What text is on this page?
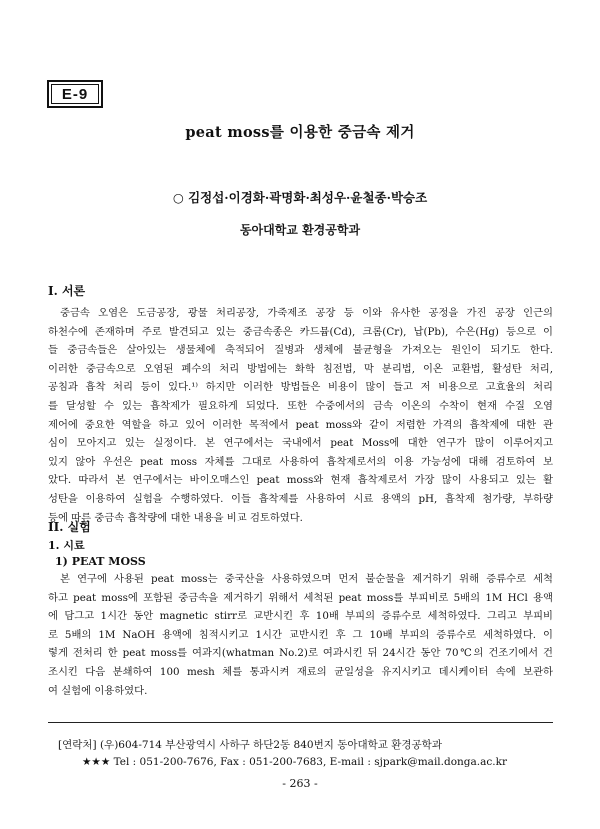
E-9
peat moss를 이용한 중금속 제거
○ 김정섭·이경화·곽명화·최성우·윤철종·박승조
동아대학교 환경공학과
I. 서론
중금속 오염은 도금공장, 광물 처리공장, 가죽제조 공장 등 이와 유사한 공정을 가진 공장 인근의
하천수에 존재하며 주로 발견되고 있는 중금속종은 카드뮴(Cd), 크롬(Cr), 납(Pb), 수은(Hg) 등으로 이
들 중금속들은 살아있는 생물체에 축적되어 질병과 생체에 불균형을 가져오는 원인이 되기도 한다.
이러한 중금속으로 오염된 폐수의 처리 방법에는 화학 침전법, 막 분리법, 이온 교환법, 활성탄 처리,
공침과 흡착 처리 등이 있다.¹⁾ 하지만 이러한 방법들은 비용이 많이 들고 저 비용으로 고효율의 처리
를 달성할 수 있는 흡착제가 필요하게 되었다. 또한 수중에서의 금속 이온의 수착이 현재 수질 오염
제어에 중요한 역할을 하고 있어 이러한 목적에서 peat moss와 같이 저렴한 가격의 흡착제에 대한 관
심이 모아지고 있는 실정이다. 본 연구에서는 국내에서 peat Moss에 대한 연구가 많이 이루어지고
있지 않아 우선은 peat moss 자체를 그대로 사용하여 흡착제로서의 이용 가능성에 대해 검토하여 보
았다. 따라서 본 연구에서는 바이오매스인 peat moss와 현재 흡착제로서 가장 많이 사용되고 있는 활
성탄을 이용하여 실험을 수행하였다. 이들 흡착제를 사용하여 시료 용액의 pH, 흡착제 첨가량, 부하량
등에 따른 중금속 흡착량에 대한 내용을 비교 검토하였다.
II. 실험
1. 시료
1) PEAT MOSS
본 연구에 사용된 peat moss는 중국산을 사용하였으며 먼저 불순물을 제거하기 위해 증류수로 세척
하고 peat moss에 포함된 중금속을 제거하기 위해서 세척된 peat moss를 부피비로 5배의 1M HCl 용액
에 담그고 1시간 동안 magnetic stirr로 교반시킨 후 10배 부피의 증류수로 세척하였다. 그리고 부피비
로 5배의 1M NaOH 용액에 침적시키고 1시간 교반시킨 후 그 10배 부피의 증류수로 세척하였다. 이
렇게 전처리 한 peat moss를 여과지(whatman No.2)로 여과시킨 뒤 24시간 동안 70℃의 건조기에서 건
조시킨 다음 분쇄하여 100 mesh 체를 통과시켜 재료의 균일성을 유지시키고 데시케이터 속에 보관하
여 실험에 이용하였다.
[연락처] (우)604-714 부산광역시 사하구 하단2동 840번지 동아대학교 환경공학과
★★★ Tel : 051-200-7676, Fax : 051-200-7683, E-mail : sjpark@mail.donga.ac.kr
- 263 -
